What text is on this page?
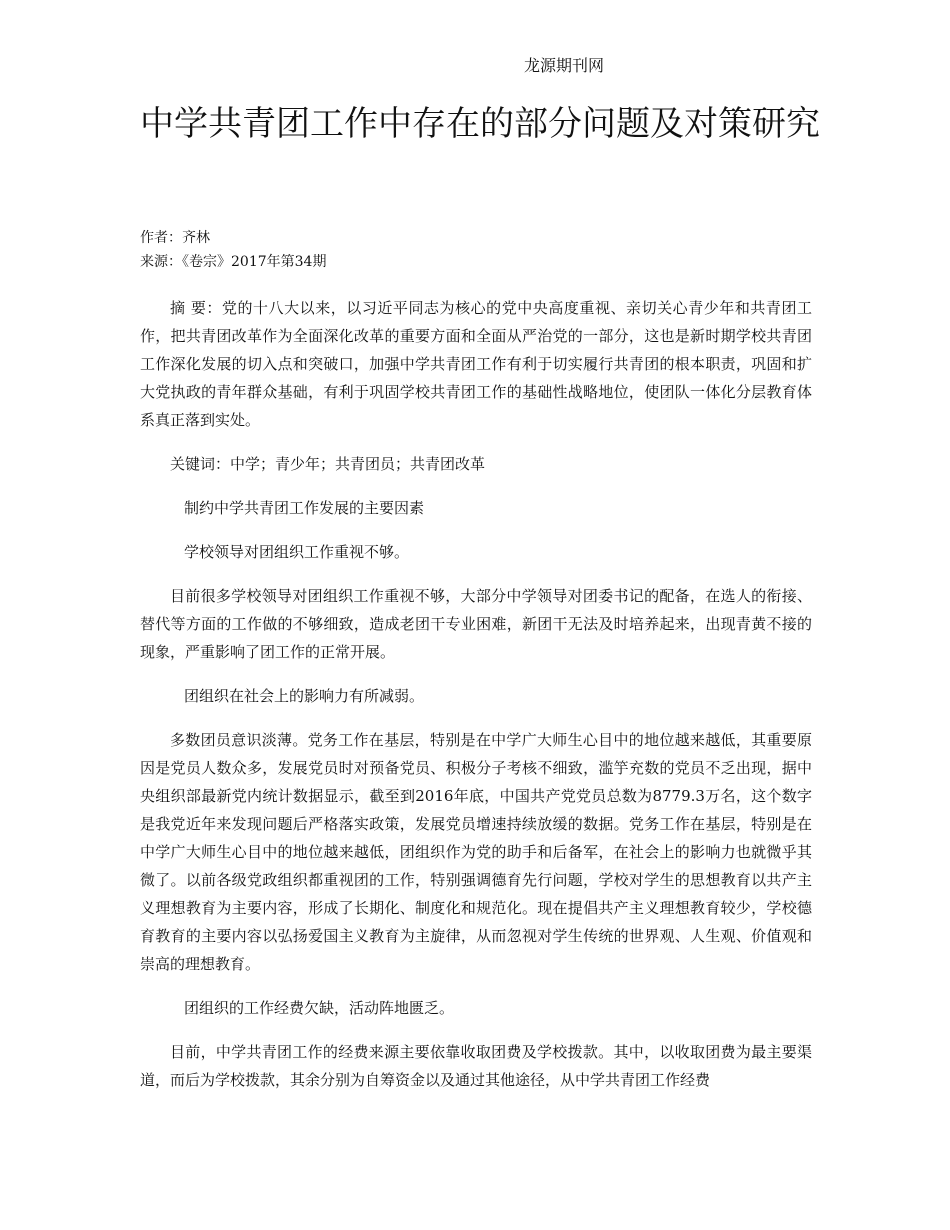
龙源期刊网
中学共青团工作中存在的部分问题及对策研究
作者：齐林
来源：《卷宗》2017年第34期

摘 要：党的十八大以来，以习近平同志为核心的党中央高度重视、亲切关心青少年和共青团工作，把共青团改革作为全面深化改革的重要方面和全面从严治党的一部分，这也是新时期学校共青团工作深化发展的切入点和突破口，加强中学共青团工作有利于切实履行共青团的根本职责，巩固和扩大党执政的青年群众基础，有利于巩固学校共青团工作的基础性战略地位，使团队一体化分层教育体系真正落到实处。

关键词：中学；青少年；共青团员；共青团改革

制约中学共青团工作发展的主要因素

学校领导对团组织工作重视不够。

目前很多学校领导对团组织工作重视不够，大部分中学领导对团委书记的配备，在选人的衔接、替代等方面的工作做的不够细致，造成老团干专业困难，新团干无法及时培养起来，出现青黄不接的现象，严重影响了团工作的正常开展。

团组织在社会上的影响力有所减弱。

多数团员意识淡薄。党务工作在基层，特别是在中学广大师生心目中的地位越来越低，其重要原因是党员人数众多，发展党员时对预备党员、积极分子考核不细致，滥竽充数的党员不乏出现，据中央组织部最新党内统计数据显示，截至到2016年底，中国共产党党员总数为8779.3万名，这个数字是我党近年来发现问题后严格落实政策，发展党员增速持续放缓的数据。党务工作在基层，特别是在中学广大师生心目中的地位越来越低，团组织作为党的助手和后备军，在社会上的影响力也就微乎其微了。以前各级党政组织都重视团的工作，特别强调德育先行问题，学校对学生的思想教育以共产主义理想教育为主要内容，形成了长期化、制度化和规范化。现在提倡共产主义理想教育较少，学校德育教育的主要内容以弘扬爱国主义教育为主旋律，从而忽视对学生传统的世界观、人生观、价值观和崇高的理想教育。

团组织的工作经费欠缺，活动阵地匮乏。

目前，中学共青团工作的经费来源主要依靠收取团费及学校拨款。其中，以收取团费为最主要渠道，而后为学校拨款，其余分别为自筹资金以及通过其他途径，从中学共青团工作经费
